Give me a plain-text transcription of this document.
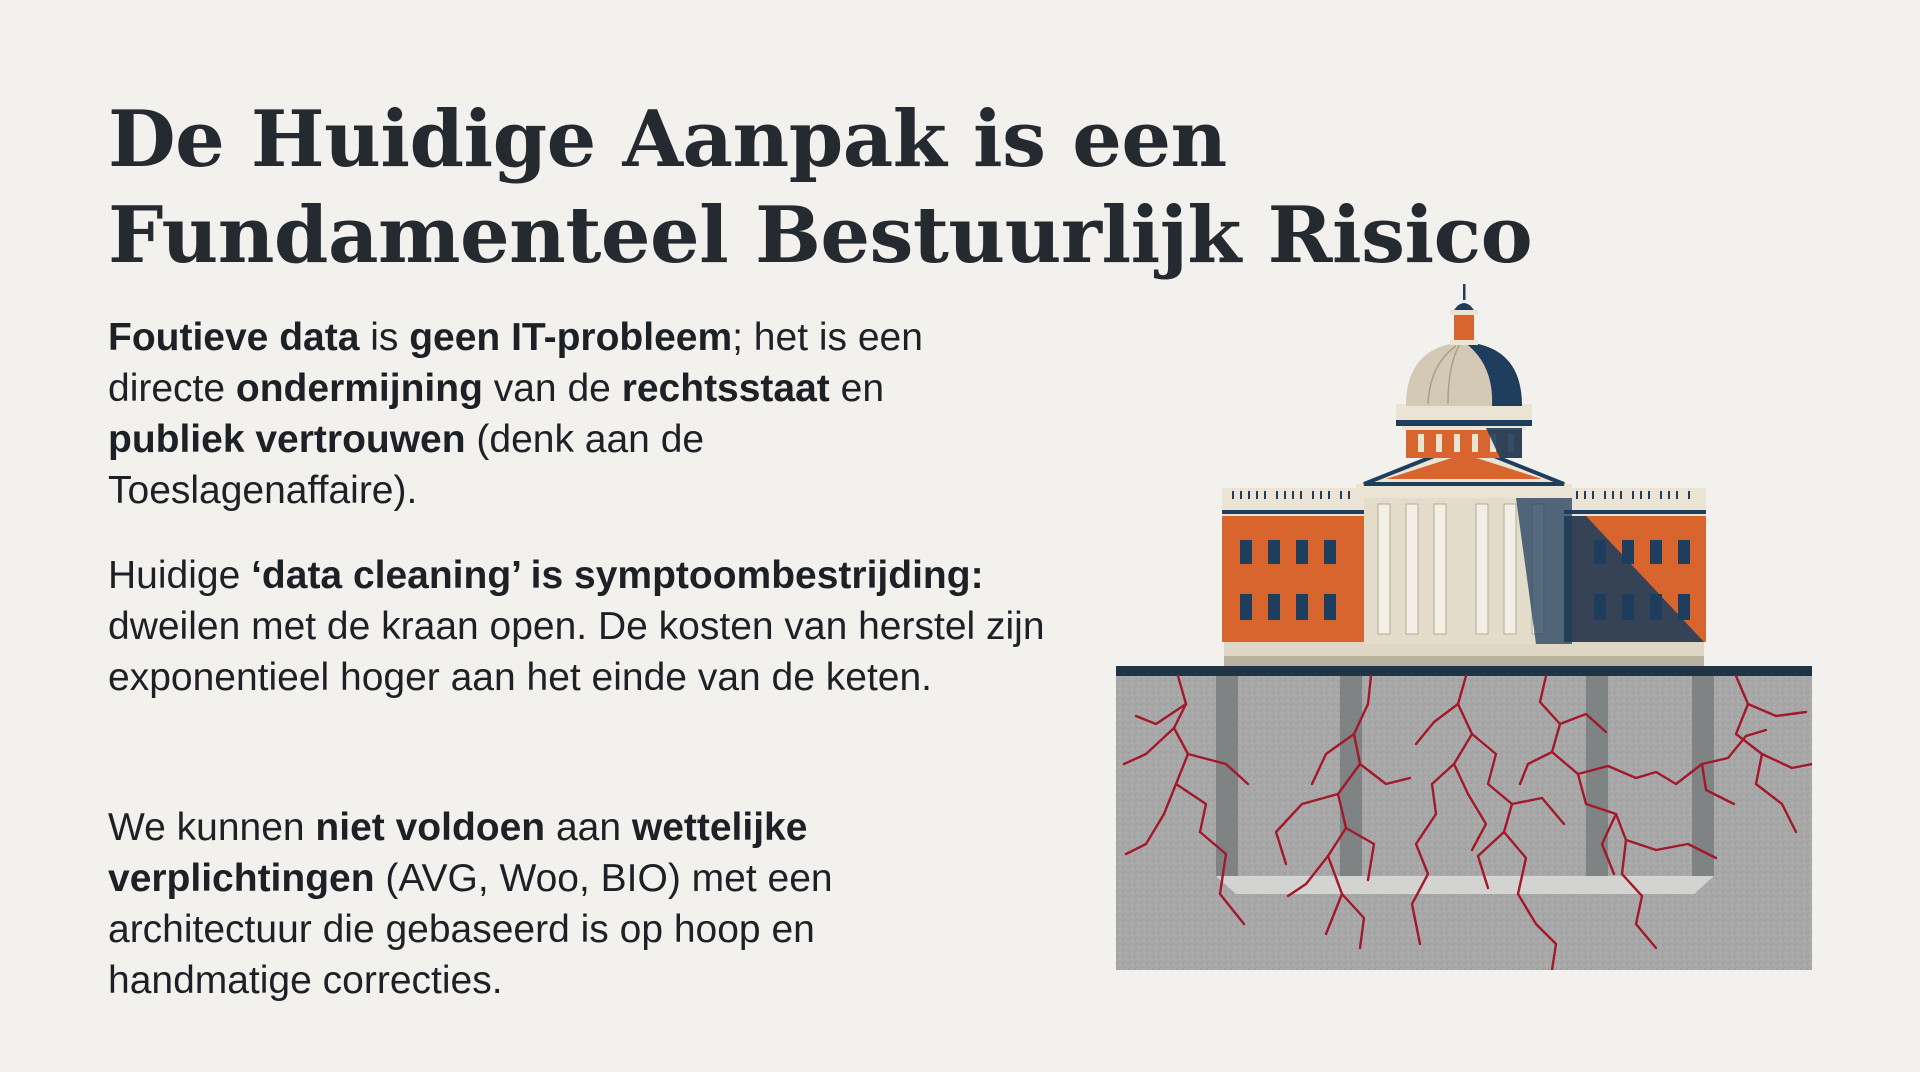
De Huidige Aanpak is een Fundamenteel Bestuurlijk Risico

Foutieve data is geen IT-probleem; het is een directe ondermijning van de rechtsstaat en publiek vertrouwen (denk aan de Toeslagenaffaire).

Huidige ‘data cleaning’ is symptoombestrijding: dweilen met de kraan open. De kosten van herstel zijn exponentieel hoger aan het einde van de keten.

We kunnen niet voldoen aan wettelijke verplichtingen (AVG, Woo, BIO) met een architectuur die gebaseerd is op hoop en handmatige correcties.
